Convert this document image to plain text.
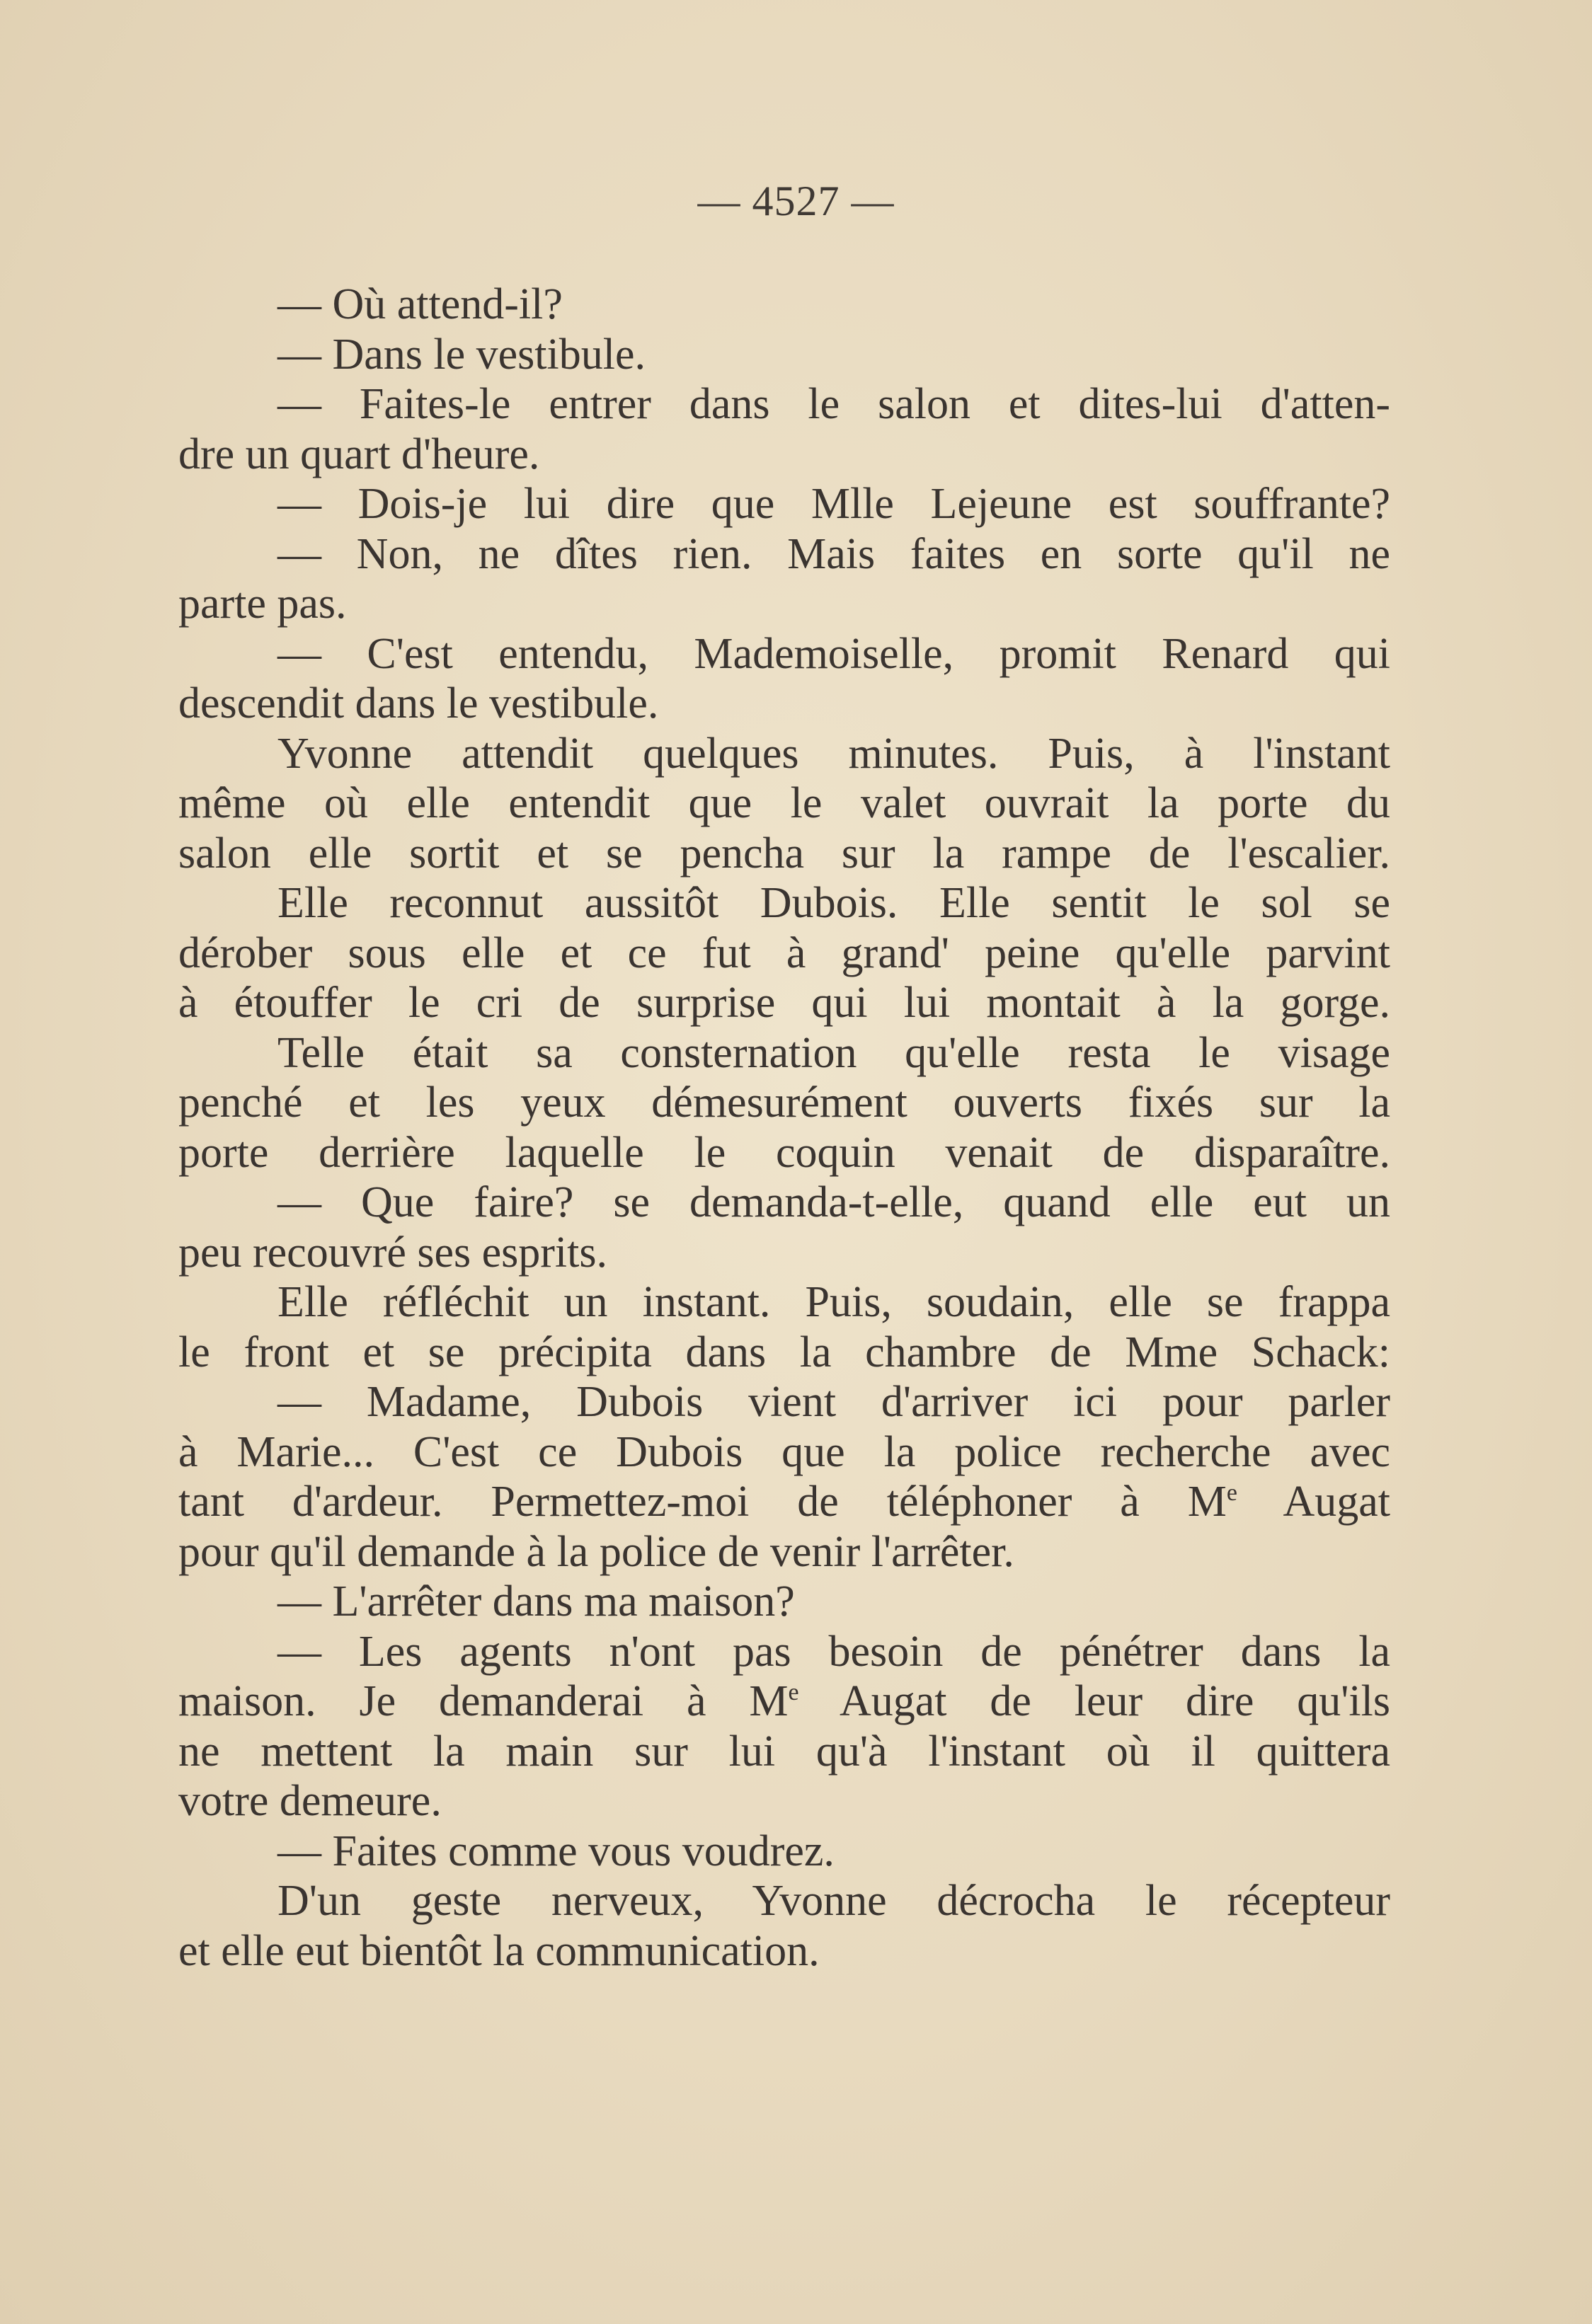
— 4527 —
— Où attend-il?
— Dans le vestibule.
— Faites-le entrer dans le salon et dites-lui d'atten-
dre un quart d'heure.
— Dois-je lui dire que Mlle Lejeune est souffrante?
— Non, ne dîtes rien. Mais faites en sorte qu'il ne
parte pas.
— C'est entendu, Mademoiselle, promit Renard qui
descendit dans le vestibule.
Yvonne attendit quelques minutes. Puis, à l'instant
même où elle entendit que le valet ouvrait la porte du
salon elle sortit et se pencha sur la rampe de l'escalier.
Elle reconnut aussitôt Dubois. Elle sentit le sol se
dérober sous elle et ce fut à grand' peine qu'elle parvint
à étouffer le cri de surprise qui lui montait à la gorge.
Telle était sa consternation qu'elle resta le visage
penché et les yeux démesurément ouverts fixés sur la
porte derrière laquelle le coquin venait de disparaître.
— Que faire? se demanda-t-elle, quand elle eut un
peu recouvré ses esprits.
Elle réfléchit un instant. Puis, soudain, elle se frappa
le front et se précipita dans la chambre de Mme Schack:
— Madame, Dubois vient d'arriver ici pour parler
à Marie... C'est ce Dubois que la police recherche avec
tant d'ardeur. Permettez-moi de téléphoner à Me Augat
pour qu'il demande à la police de venir l'arrêter.
— L'arrêter dans ma maison?
— Les agents n'ont pas besoin de pénétrer dans la
maison. Je demanderai à Me Augat de leur dire qu'ils
ne mettent la main sur lui qu'à l'instant où il quittera
votre demeure.
— Faites comme vous voudrez.
D'un geste nerveux, Yvonne décrocha le récepteur
et elle eut bientôt la communication.
